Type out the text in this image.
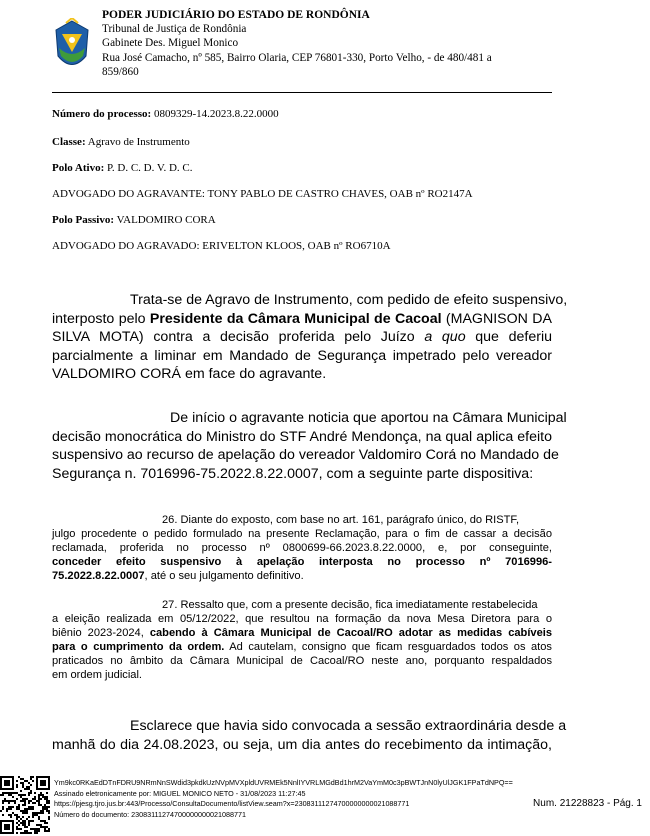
PODER JUDICIÁRIO DO ESTADO DE RONDÔNIA
Tribunal de Justiça de Rondônia
Gabinete Des. Miguel Monico
Rua José Camacho, nº 585, Bairro Olaria, CEP 76801-330, Porto Velho, - de 480/481 a
859/860
Número do processo: 0809329-14.2023.8.22.0000
Classe: Agravo de Instrumento
Polo Ativo: P. D. C. D. V. D. C.
ADVOGADO DO AGRAVANTE: TONY PABLO DE CASTRO CHAVES, OAB nº RO2147A
Polo Passivo: VALDOMIRO CORA
ADVOGADO DO AGRAVADO: ERIVELTON KLOOS, OAB nº RO6710A
Trata-se de Agravo de Instrumento, com pedido de efeito suspensivo,
interposto pelo Presidente da Câmara Municipal de Cacoal (MAGNISON DA
SILVA MOTA) contra a decisão proferida pelo Juízo a quo que deferiu
parcialmente a liminar em Mandado de Segurança impetrado pelo vereador
VALDOMIRO CORÁ em face do agravante.
De início o agravante noticia que aportou na Câmara Municipal
decisão monocrática do Ministro do STF André Mendonça, na qual aplica efeito
suspensivo ao recurso de apelação do vereador Valdomiro Corá no Mandado de
Segurança n. 7016996-75.2022.8.22.0007, com a seguinte parte dispositiva:
26. Diante do exposto, com base no art. 161, parágrafo único, do RISTF,
julgo procedente o pedido formulado na presente Reclamação, para o fim de cassar a decisão
reclamada, proferida no processo nº 0800699-66.2023.8.22.0000, e, por conseguinte,
conceder efeito suspensivo à apelação interposta no processo nº 7016996-
75.2022.8.22.0007, até o seu julgamento definitivo.
27. Ressalto que, com a presente decisão, fica imediatamente restabelecida
a eleição realizada em 05/12/2022, que resultou na formação da nova Mesa Diretora para o
biênio 2023-2024, cabendo à Câmara Municipal de Cacoal/RO adotar as medidas cabíveis
para o cumprimento da ordem. Ad cautelam, consigno que ficam resguardados todos os atos
praticados no âmbito da Câmara Municipal de Cacoal/RO neste ano, porquanto respaldados
em ordem judicial.
Esclarece que havia sido convocada a sessão extraordinária desde a
manhã do dia 24.08.2023, ou seja, um dia antes do recebimento da intimação,
Ym9kc0RKaEdDTnFDRU9NRmNnSWdid3pkdkUzNVpMVXpldUVRMEk5NnlIYVRLMGdBd1hrM2VaYmM0c3pBWTJnN0lyUlJGK1FPaTdNPQ==
Assinado eletronicamente por: MIGUEL MONICO NETO - 31/08/2023 11:27:45
https://pjesg.tjro.jus.br:443/Processo/ConsultaDocumento/listView.seam?x=23083111274700000000021088771
Número do documento: 23083111274700000000021088771
Num. 21228823 - Pág. 1
